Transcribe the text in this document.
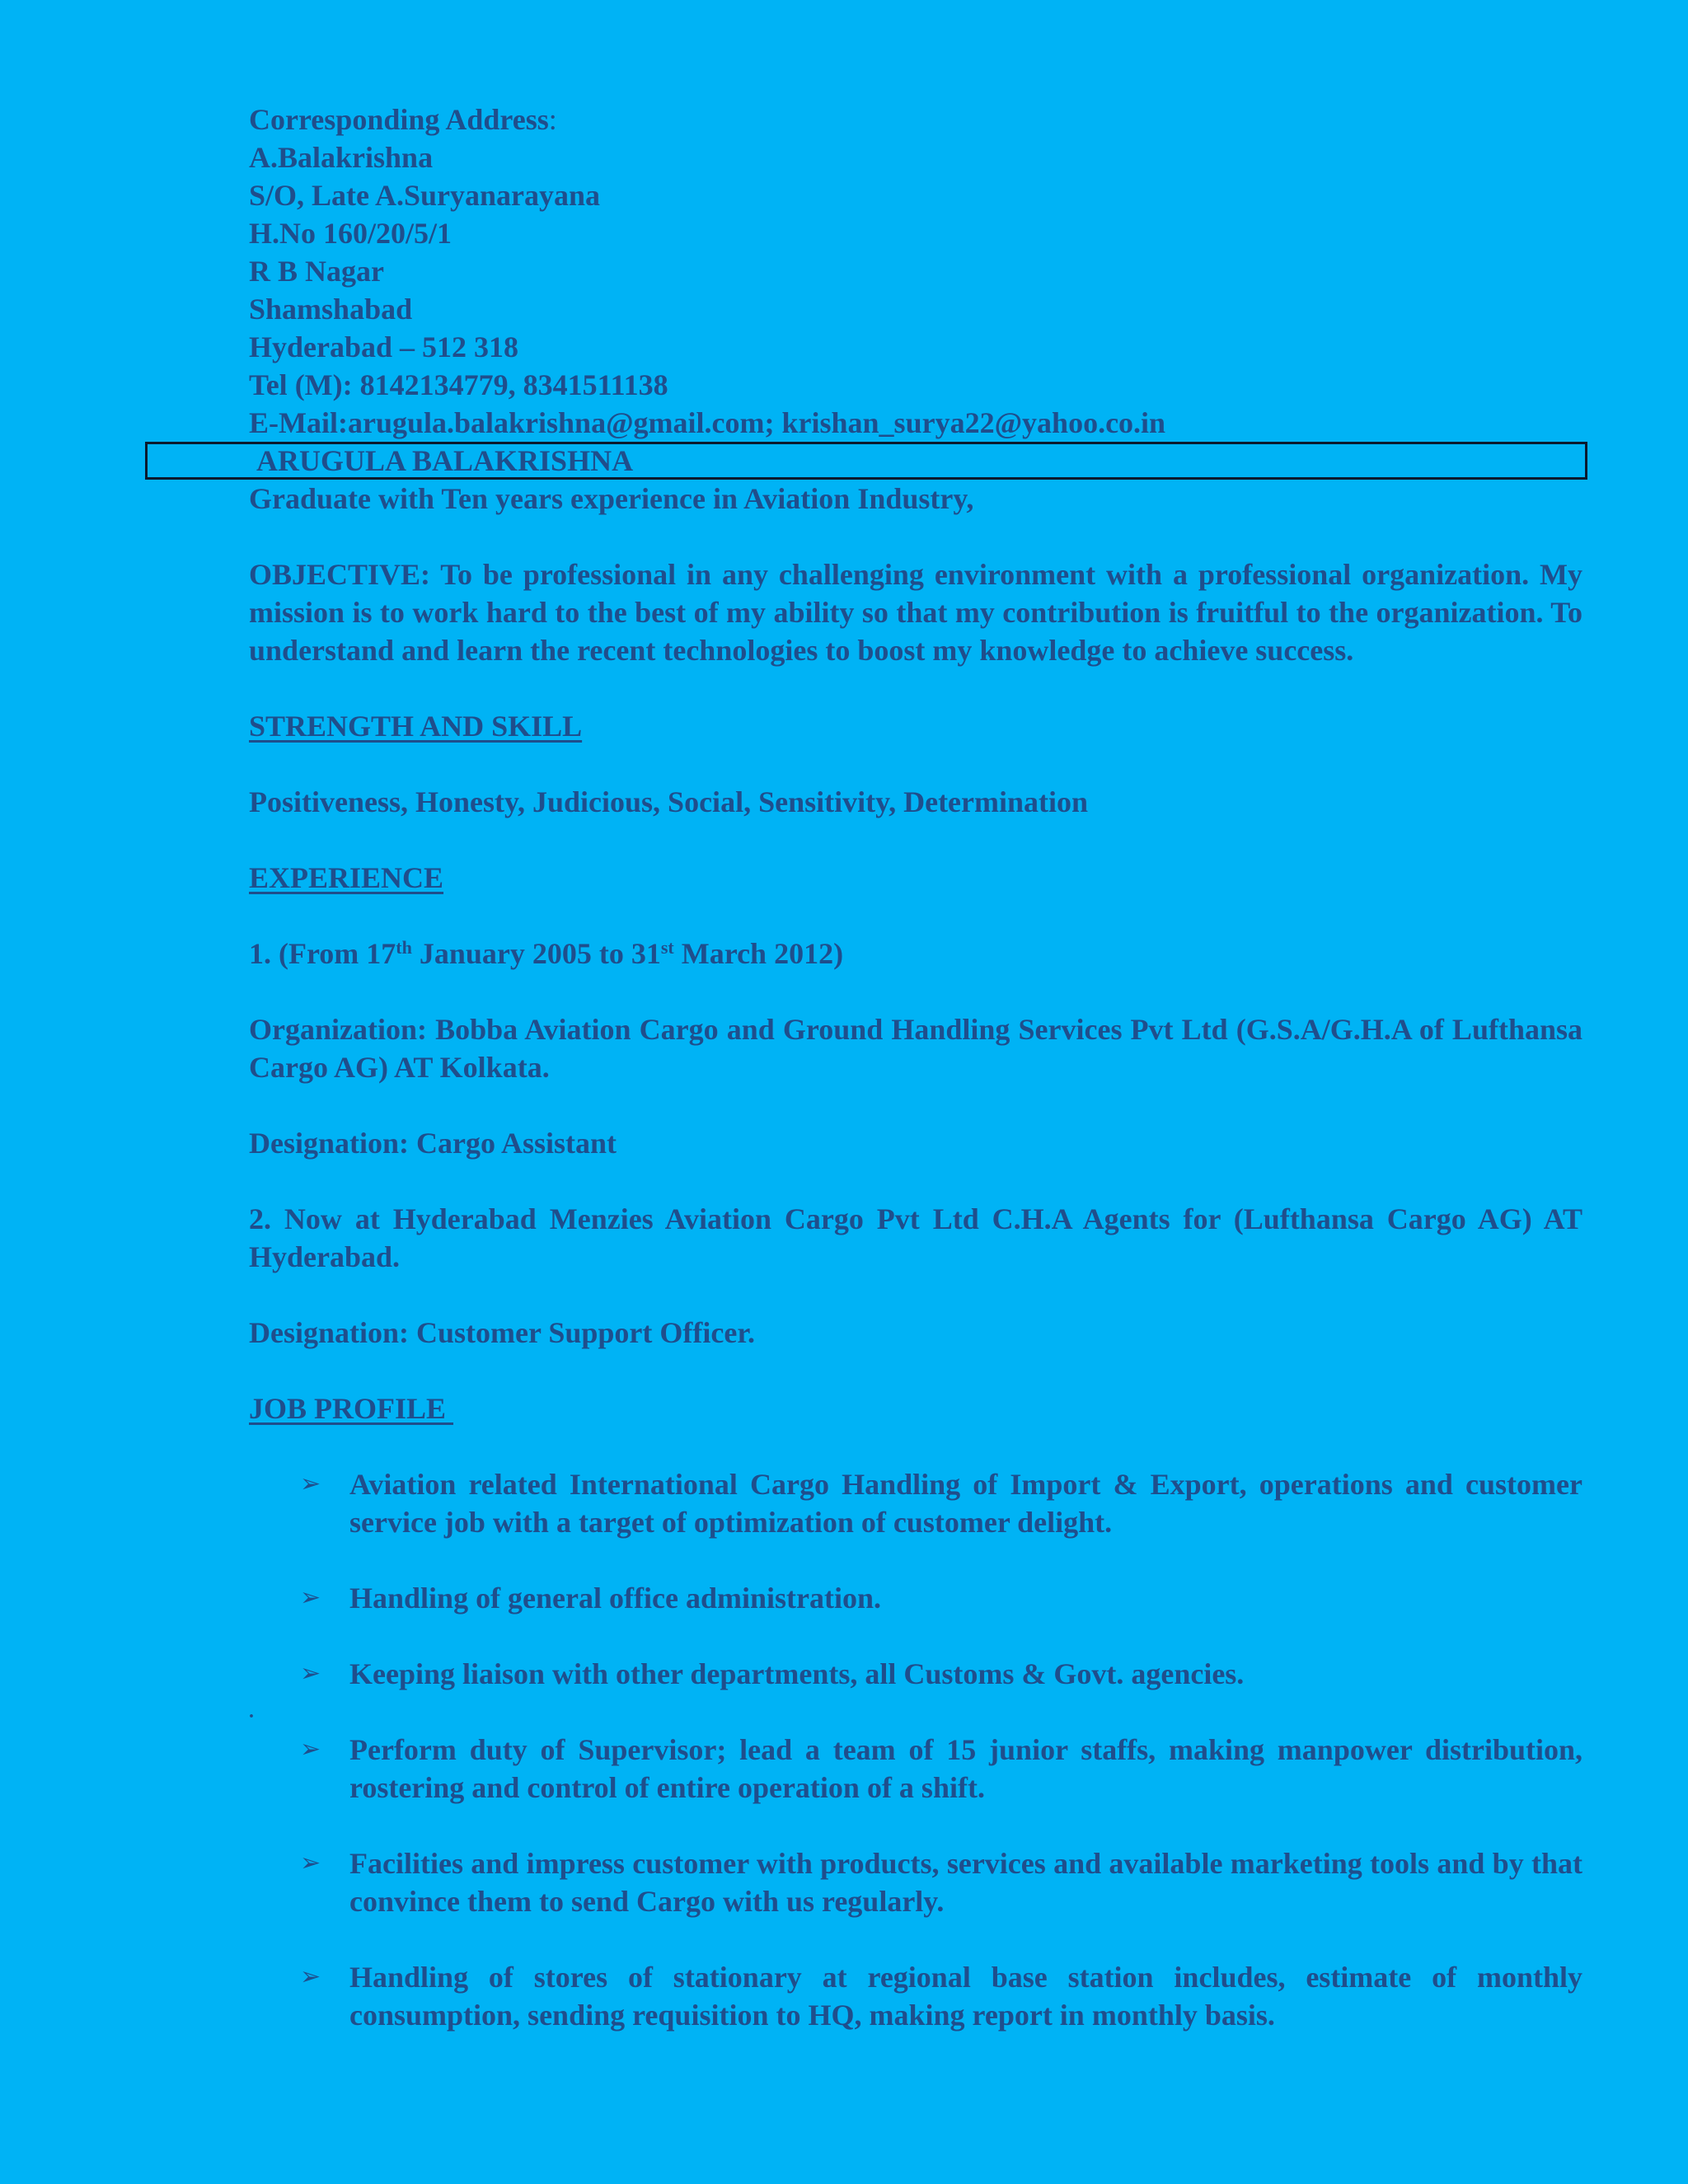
Corresponding Address:
A.Balakrishna
S/O, Late A.Suryanarayana
H.No 160/20/5/1
R B Nagar
Shamshabad
Hyderabad – 512 318
Tel (M): 8142134779, 8341511138
E-Mail:arugula.balakrishna@gmail.com; krishan_surya22@yahoo.co.in
ARUGULA BALAKRISHNA
Graduate with Ten years experience in Aviation Industry,
OBJECTIVE: To be professional in any challenging environment with a professional organization. My mission is to work hard to the best of my ability so that my contribution is fruitful to the organization. To understand and learn the recent technologies to boost my knowledge to achieve success.
STRENGTH AND SKILL
Positiveness, Honesty, Judicious, Social, Sensitivity, Determination
EXPERIENCE
1. (From 17th January 2005 to 31st March 2012)
Organization: Bobba Aviation Cargo and Ground Handling Services Pvt Ltd (G.S.A/G.H.A of Lufthansa Cargo AG) AT Kolkata.
Designation: Cargo Assistant
2. Now at Hyderabad Menzies Aviation Cargo Pvt Ltd C.H.A Agents for (Lufthansa Cargo AG) AT Hyderabad.
Designation: Customer Support Officer.
JOB PROFILE
➢ Aviation related International Cargo Handling of Import & Export, operations and customer service job with a target of optimization of customer delight.
➢ Handling of general office administration.
➢ Keeping liaison with other departments, all Customs & Govt. agencies.
.
➢ Perform duty of Supervisor; lead a team of 15 junior staffs, making manpower distribution, rostering and control of entire operation of a shift.
➢ Facilities and impress customer with products, services and available marketing tools and by that convince them to send Cargo with us regularly.
➢ Handling of stores of stationary at regional base station includes, estimate of monthly consumption, sending requisition to HQ, making report in monthly basis.
